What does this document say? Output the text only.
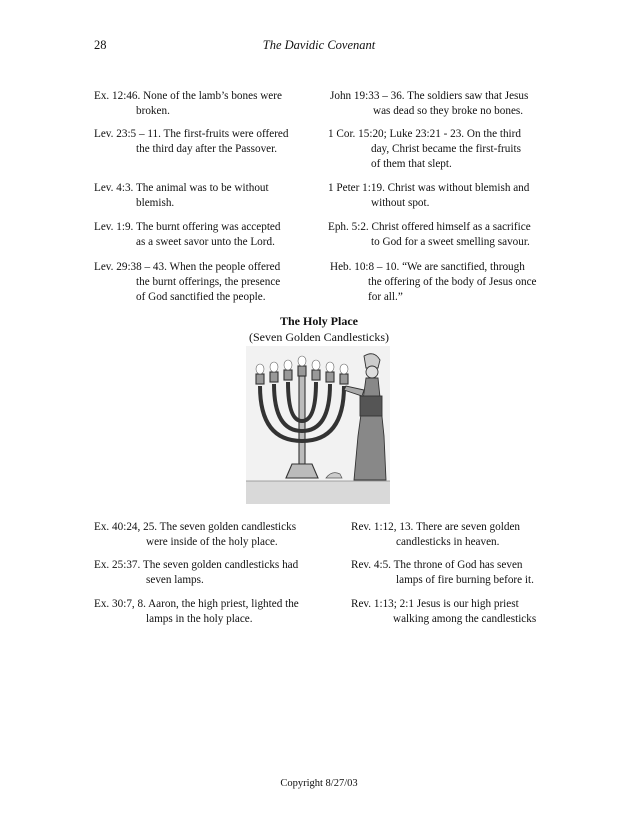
28	The Davidic Covenant
Ex. 12:46. None of the lamb’s bones were
broken.
John 19:33 – 36. The soldiers saw that Jesus
was dead so they broke no bones.
Lev. 23:5 – 11. The first-fruits were offered
the third day after the Passover.
1 Cor. 15:20; Luke 23:21 - 23. On the third
day, Christ became the first-fruits
of them that slept.
Lev. 4:3. The animal was to be without
blemish.
1 Peter 1:19. Christ was without blemish and
without spot.
Lev. 1:9. The burnt offering was accepted
as a sweet savor unto the Lord.
Eph. 5:2. Christ offered himself as a sacrifice
to God for a sweet smelling savour.
Lev. 29:38 – 43. When the people offered
the burnt offerings, the presence
of God sanctified the people.
Heb. 10:8 – 10. “We are sanctified, through
the offering of the body of Jesus once
for all.”
The Holy Place
(Seven Golden Candlesticks)
Ex. 40:24, 25. The seven golden candlesticks
were inside of the holy place.
Rev. 1:12, 13. There are seven golden
candlesticks in heaven.
Ex. 25:37. The seven golden candlesticks had
seven lamps.
Rev. 4:5. The throne of God has seven
lamps of fire burning before it.
Ex. 30:7, 8. Aaron, the high priest, lighted the
lamps in the holy place.
Rev. 1:13; 2:1 Jesus is our high priest
walking among the candlesticks
Copyright 8/27/03
